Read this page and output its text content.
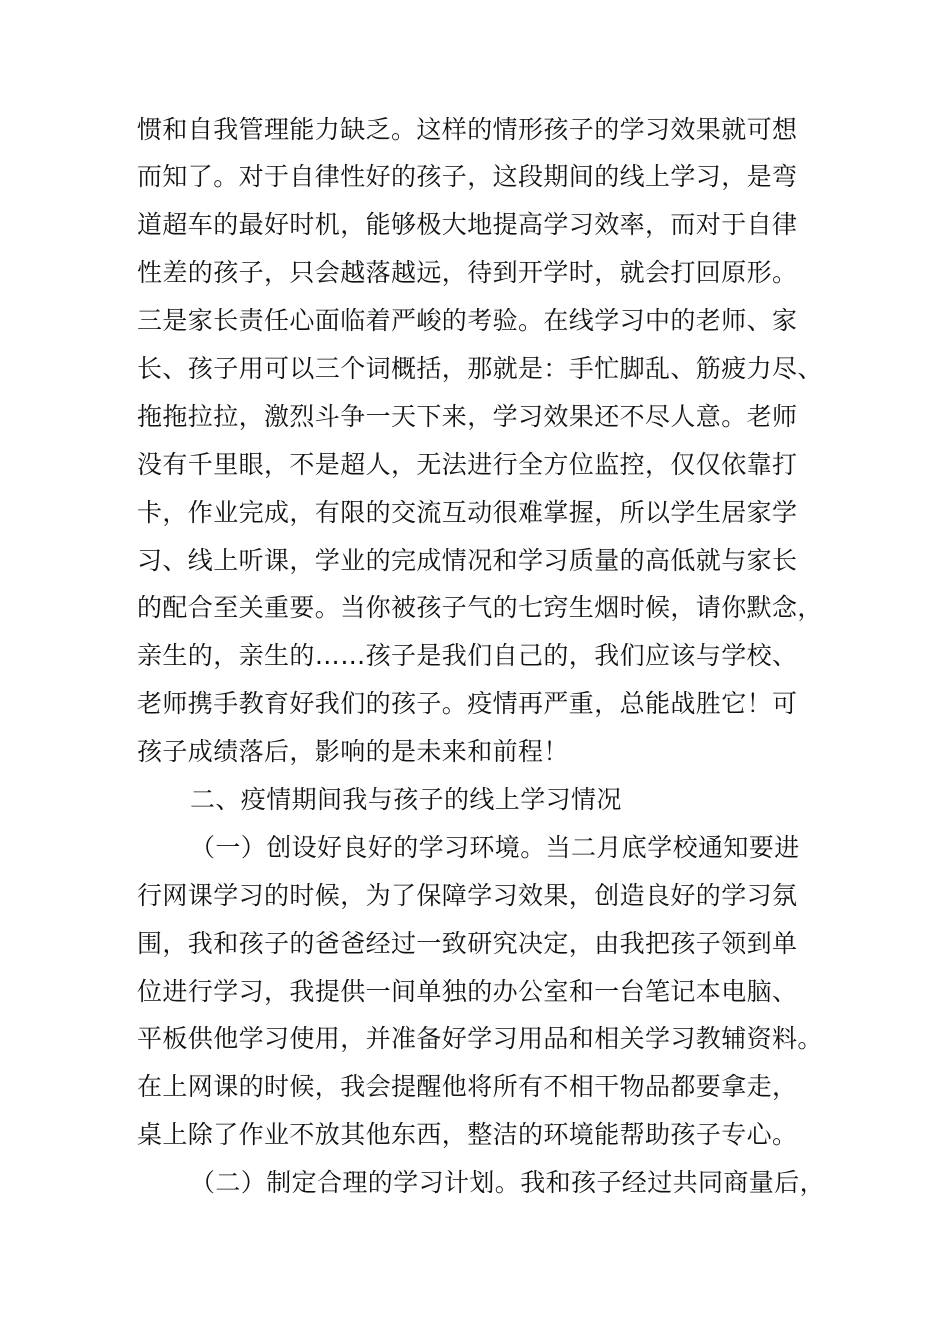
惯和自我管理能力缺乏。这样的情形孩子的学习效果就可想
而知了。对于自律性好的孩子，这段期间的线上学习，是弯
道超车的最好时机，能够极大地提高学习效率，而对于自律
性差的孩子，只会越落越远，待到开学时，就会打回原形。
三是家长责任心面临着严峻的考验。在线学习中的老师、家
长、孩子用可以三个词概括，那就是：手忙脚乱、筋疲力尽、
拖拖拉拉，激烈斗争一天下来，学习效果还不尽人意。老师
没有千里眼，不是超人，无法进行全方位监控，仅仅依靠打
卡，作业完成，有限的交流互动很难掌握，所以学生居家学
习、线上听课，学业的完成情况和学习质量的高低就与家长
的配合至关重要。当你被孩子气的七窍生烟时候，请你默念，
亲生的，亲生的……孩子是我们自己的，我们应该与学校、
老师携手教育好我们的孩子。疫情再严重，总能战胜它！可
孩子成绩落后，影响的是未来和前程！
二、疫情期间我与孩子的线上学习情况
（一）创设好良好的学习环境。当二月底学校通知要进
行网课学习的时候，为了保障学习效果，创造良好的学习氛
围，我和孩子的爸爸经过一致研究决定，由我把孩子领到单
位进行学习，我提供一间单独的办公室和一台笔记本电脑、
平板供他学习使用，并准备好学习用品和相关学习教辅资料。
在上网课的时候，我会提醒他将所有不相干物品都要拿走，
桌上除了作业不放其他东西，整洁的环境能帮助孩子专心。
（二）制定合理的学习计划。我和孩子经过共同商量后，
